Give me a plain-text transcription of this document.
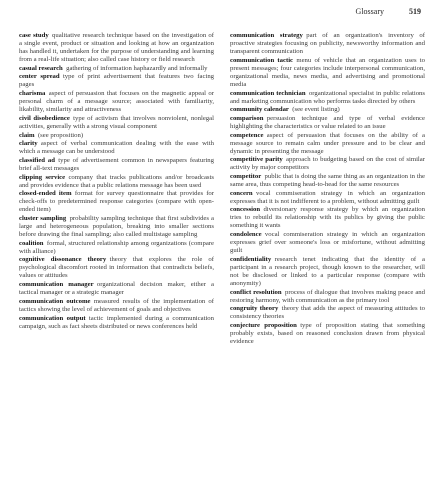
Glossary	519

case study  qualitative research technique based on the investigation of a single event, product or situation and looking at how an organization has handled it, undertaken for the purpose of understanding and learning from a real-life situation; also called case history or field research

casual research  gathering of information haphazardly and informally

center spread  type of print advertisement that features two facing pages

charisma  aspect of persuasion that focuses on the magnetic appeal or personal charm of a message source; associated with familiarity, likability, similarity and attractiveness

civil disobedience  type of activism that involves nonviolent, nonlegal activities, generally with a strong visual component

claim  (see proposition)

clarity  aspect of verbal communication dealing with the ease with which a message can be understood

classified ad  type of advertisement common in newspapers featuring brief all-text messages

clipping service  company that tracks publications and/or broadcasts and provides evidence that a public relations message has been used

closed-ended item  format for survey questionnaire that provides for check-offs to predetermined response categories (compare with open-ended item)

cluster sampling  probability sampling technique that first subdivides a large and heterogeneous population, breaking into smaller sections before drawing the final sampling; also called multistage sampling

coalition  formal, structured relationship among organizations (compare with alliance)

cognitive dissonance theory  theory that explores the role of psychological discomfort rooted in information that contradicts beliefs, values or attitudes

communication manager  organizational decision maker, either a tactical manager or a strategic manager

communication outcome  measured results of the implementation of tactics showing the level of achievement of goals and objectives

communication output  tactic implemented during a communication campaign, such as fact sheets distributed or news conferences held

communication strategy  part of an organization's inventory of proactive strategies focusing on publicity, newsworthy information and transparent communication

communication tactic  menu of vehicle that an organization uses to present messages; four categories include interpersonal communication, organizational media, news media, and advertising and promotional media

communication technician  organizational specialist in public relations and marketing communication who performs tasks directed by others

community calendar  (see event listing)

comparison  persuasion technique and type of verbal evidence highlighting the characteristics or value related to an issue

competence  aspect of persuasion that focuses on the ability of a message source to remain calm under pressure and to be clear and dynamic in presenting the message

competitive parity  approach to budgeting based on the cost of similar activity by major competitors

competitor  public that is doing the same thing as an organization in the same area, thus competing head-to-head for the same resources

concern  vocal commiseration strategy in which an organization expresses that it is not indifferent to a problem, without admitting guilt

concession  diversionary response strategy by which an organization tries to rebuild its relationship with its publics by giving the public something it wants

condolence  vocal commiseration strategy in which an organization expresses grief over someone's loss or misfortune, without admitting guilt

confidentiality  research tenet indicating that the identity of a participant in a research project, though known to the researcher, will not be disclosed or linked to a particular response (compare with anonymity)

conflict resolution  process of dialogue that involves making peace and restoring harmony, with communication as the primary tool

congruity theory  theory that adds the aspect of measuring attitudes to consistency theories

conjecture proposition  type of proposition stating that something probably exists, based on reasoned conclusion drawn from physical evidence
